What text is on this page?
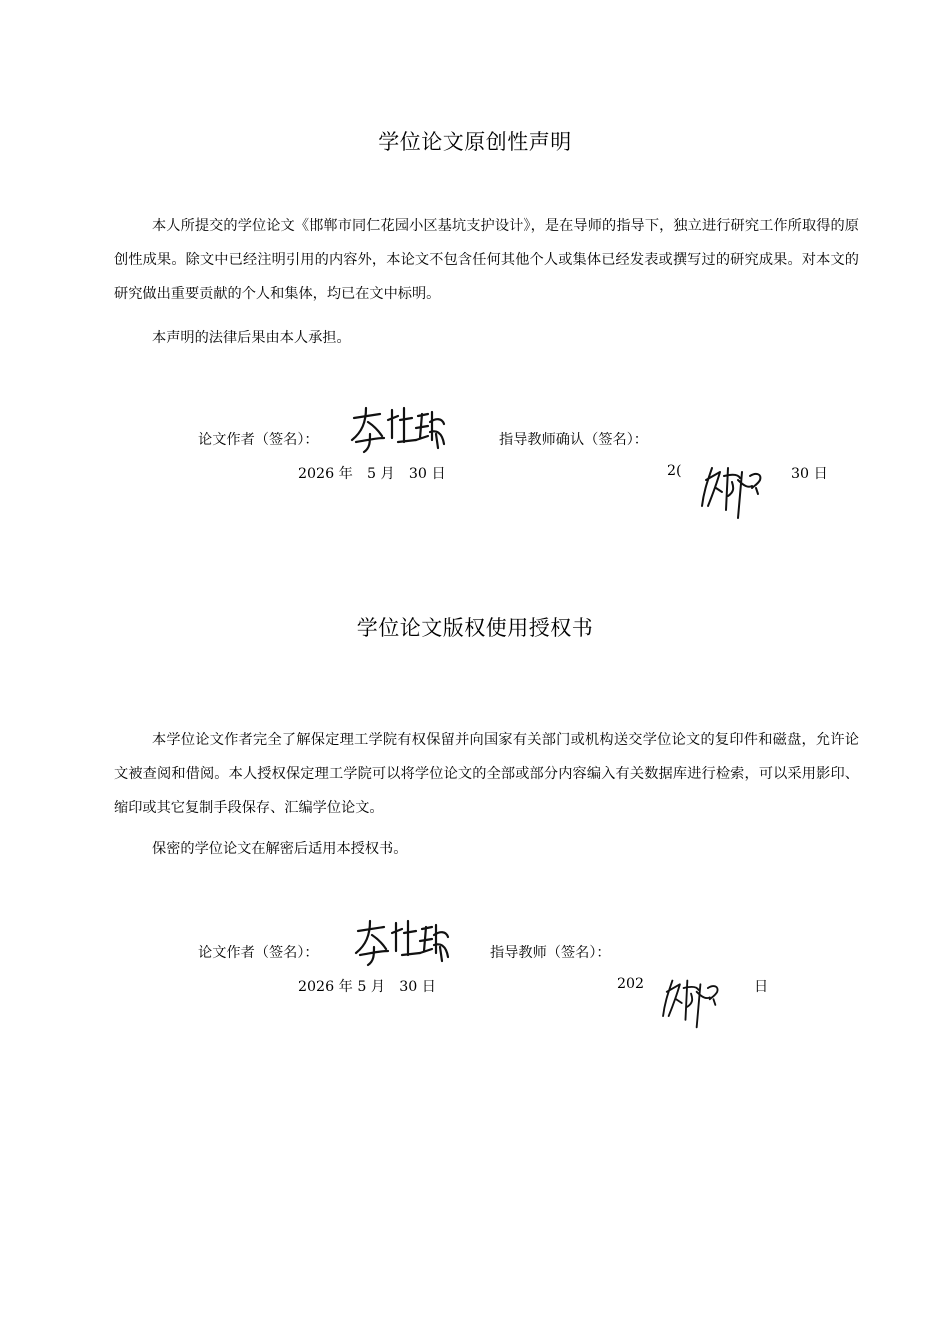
学位论文原创性声明

本人所提交的学位论文《邯郸市同仁花园小区基坑支护设计》，是在导师的指导下，独立进行研究工作所取得的原创性成果。除文中已经注明引用的内容外，本论文不包含任何其他个人或集体已经发表或撰写过的研究成果。对本文的研究做出重要贡献的个人和集体，均已在文中标明。

本声明的法律后果由本人承担。

论文作者（签名）：
2026 年　5 月　30 日
指导教师确认（签名）：
2(	30 日
学位论文版权使用授权书

本学位论文作者完全了解保定理工学院有权保留并向国家有关部门或机构送交学位论文的复印件和磁盘，允许论文被查阅和借阅。本人授权保定理工学院可以将学位论文的全部或部分内容编入有关数据库进行检索，可以采用影印、缩印或其它复制手段保存、汇编学位论文。

保密的学位论文在解密后适用本授权书。

论文作者（签名）：
2026 年 5 月　30 日
指导教师（签名）：
202	日
